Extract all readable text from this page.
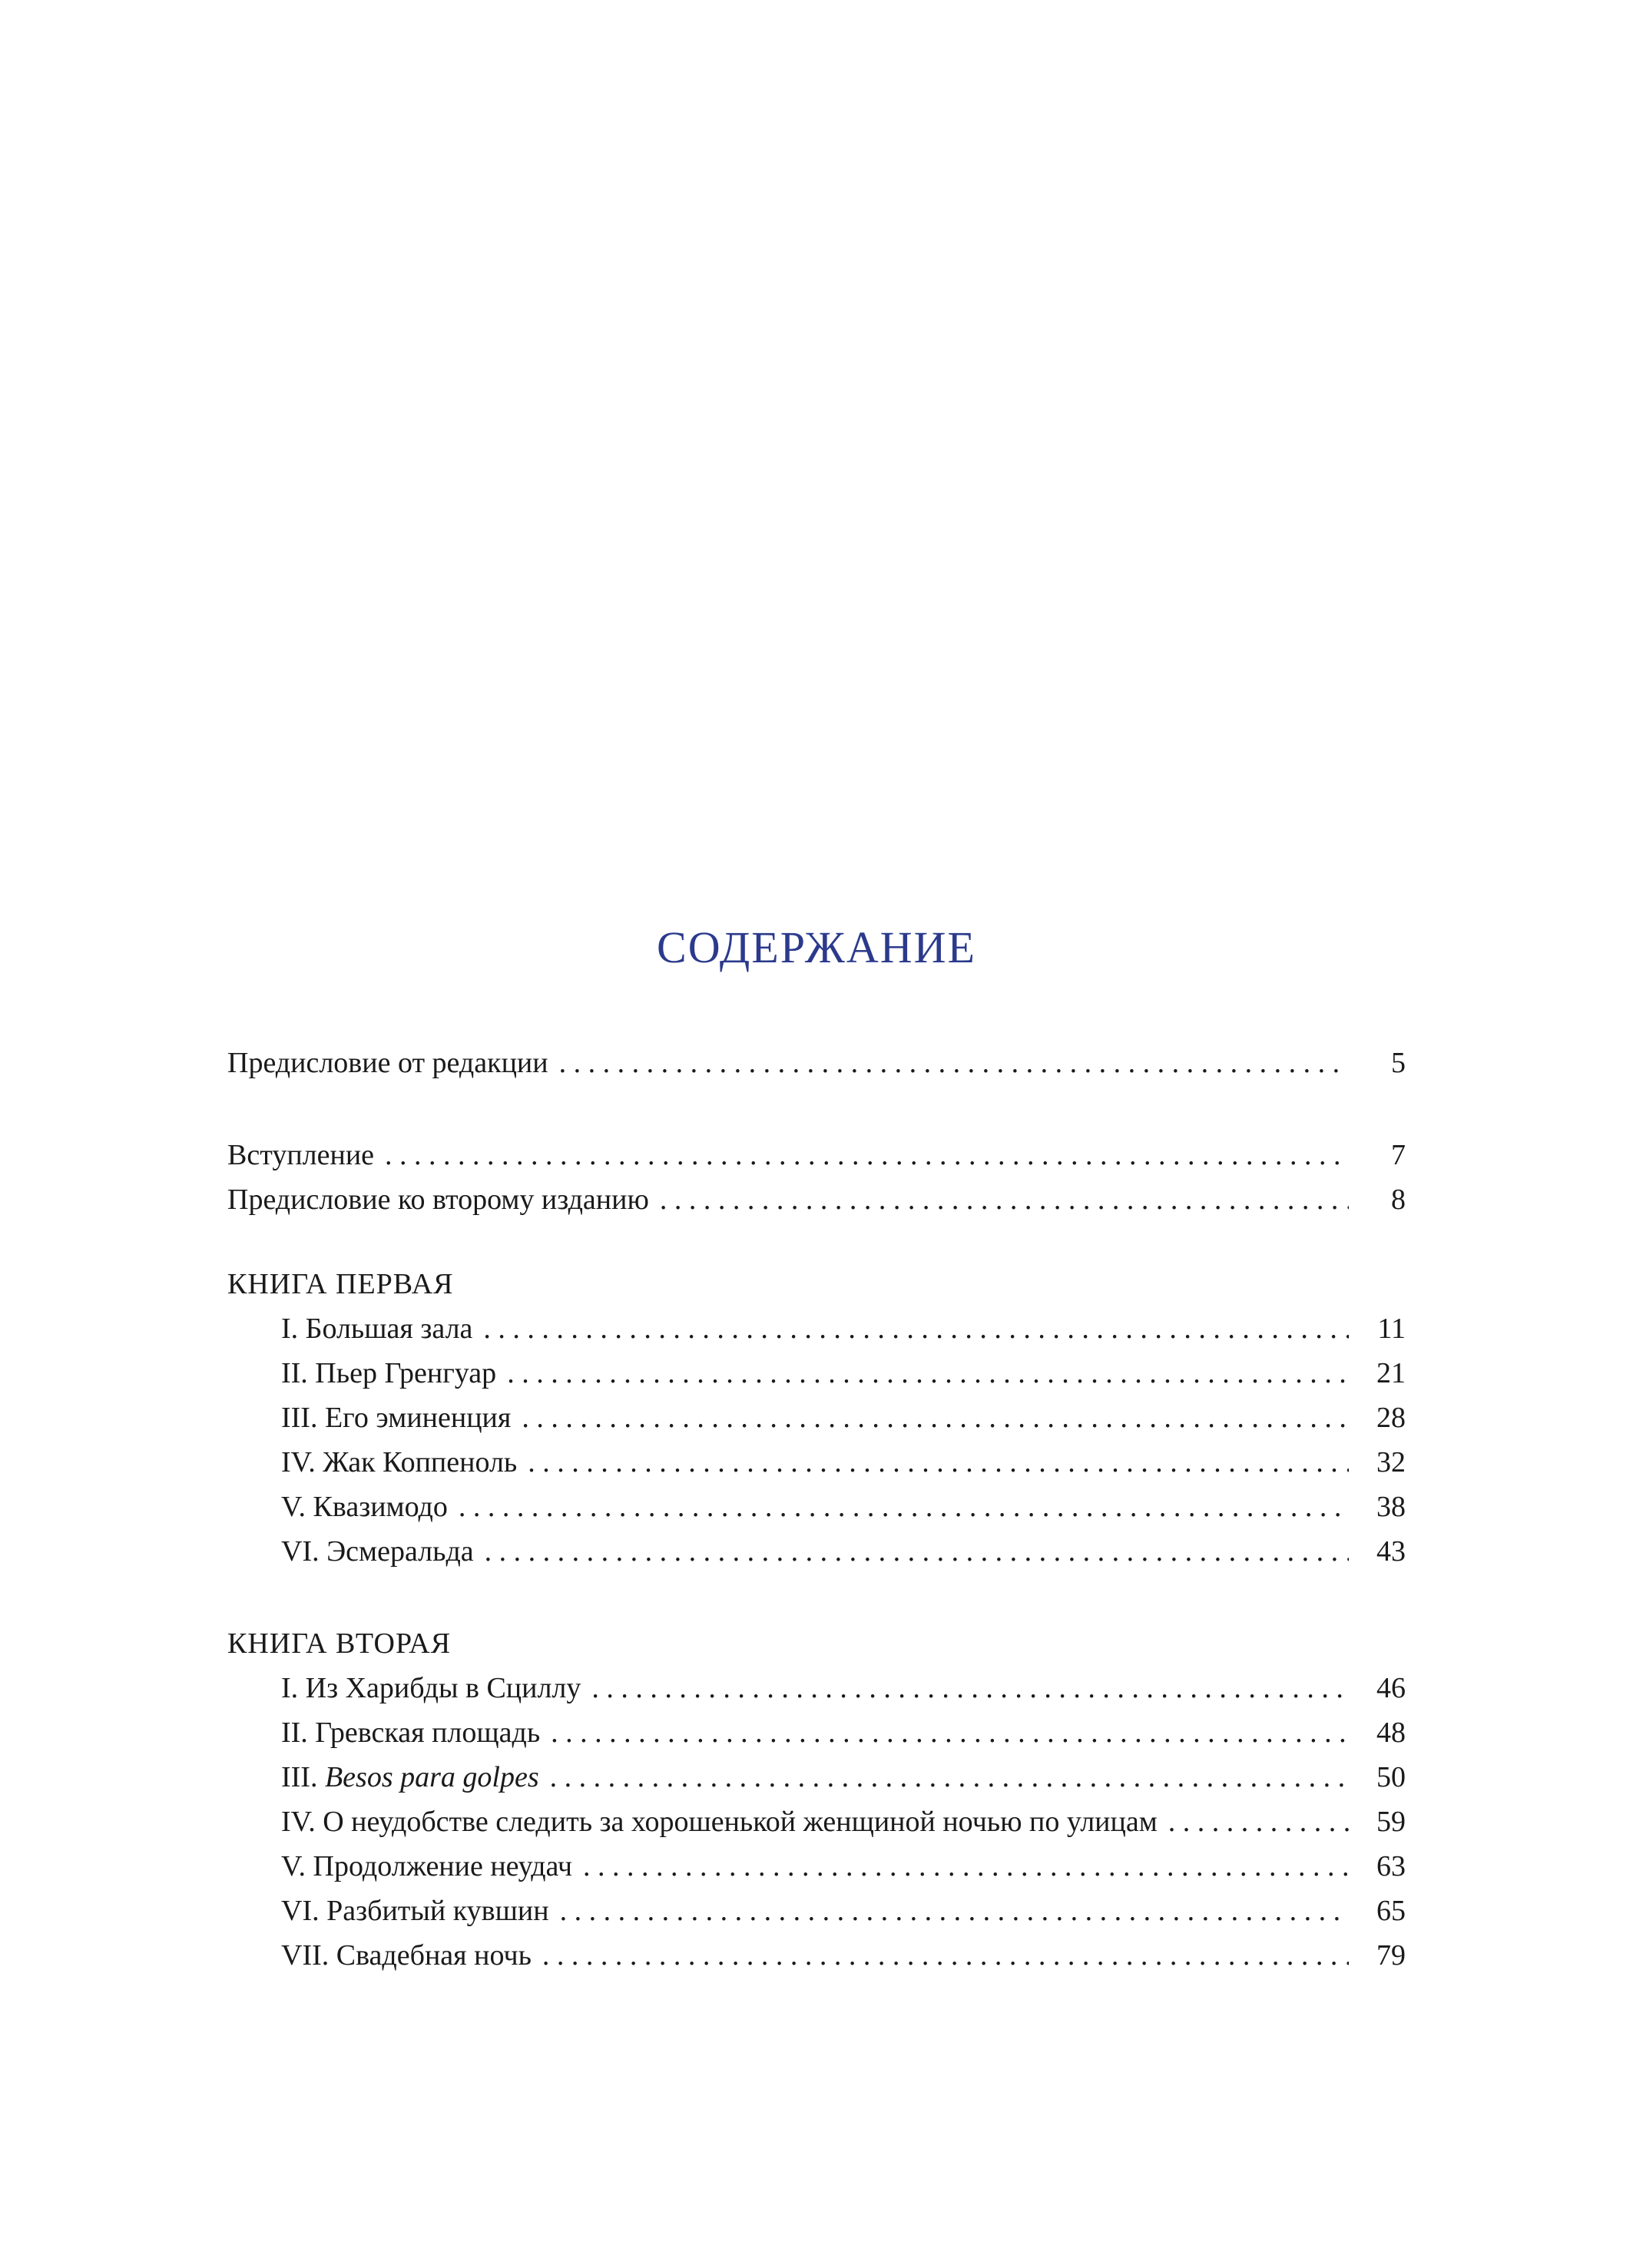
СОДЕРЖАНИЕ
Предисловие от редакции . . .	5
Вступление . . .	7
Предисловие ко второму изданию . . .	8
КНИГА ПЕРВАЯ
I. Большая зала . . .	11
II. Пьер Гренгуар . . .	21
III. Его эминенция . . .	28
IV. Жак Коппеноль . . .	32
V. Квазимодо . . .	38
VI. Эсмеральда . . .	43
КНИГА ВТОРАЯ
I. Из Харибды в Сциллу . . .	46
II. Гревская площадь . . .	48
III. Besos para golpes . . .	50
IV. О неудобстве следить за хорошенькой женщиной ночью по улицам . . .	59
V. Продолжение неудач . . .	63
VI. Разбитый кувшин . . .	65
VII. Свадебная ночь . . .	79
